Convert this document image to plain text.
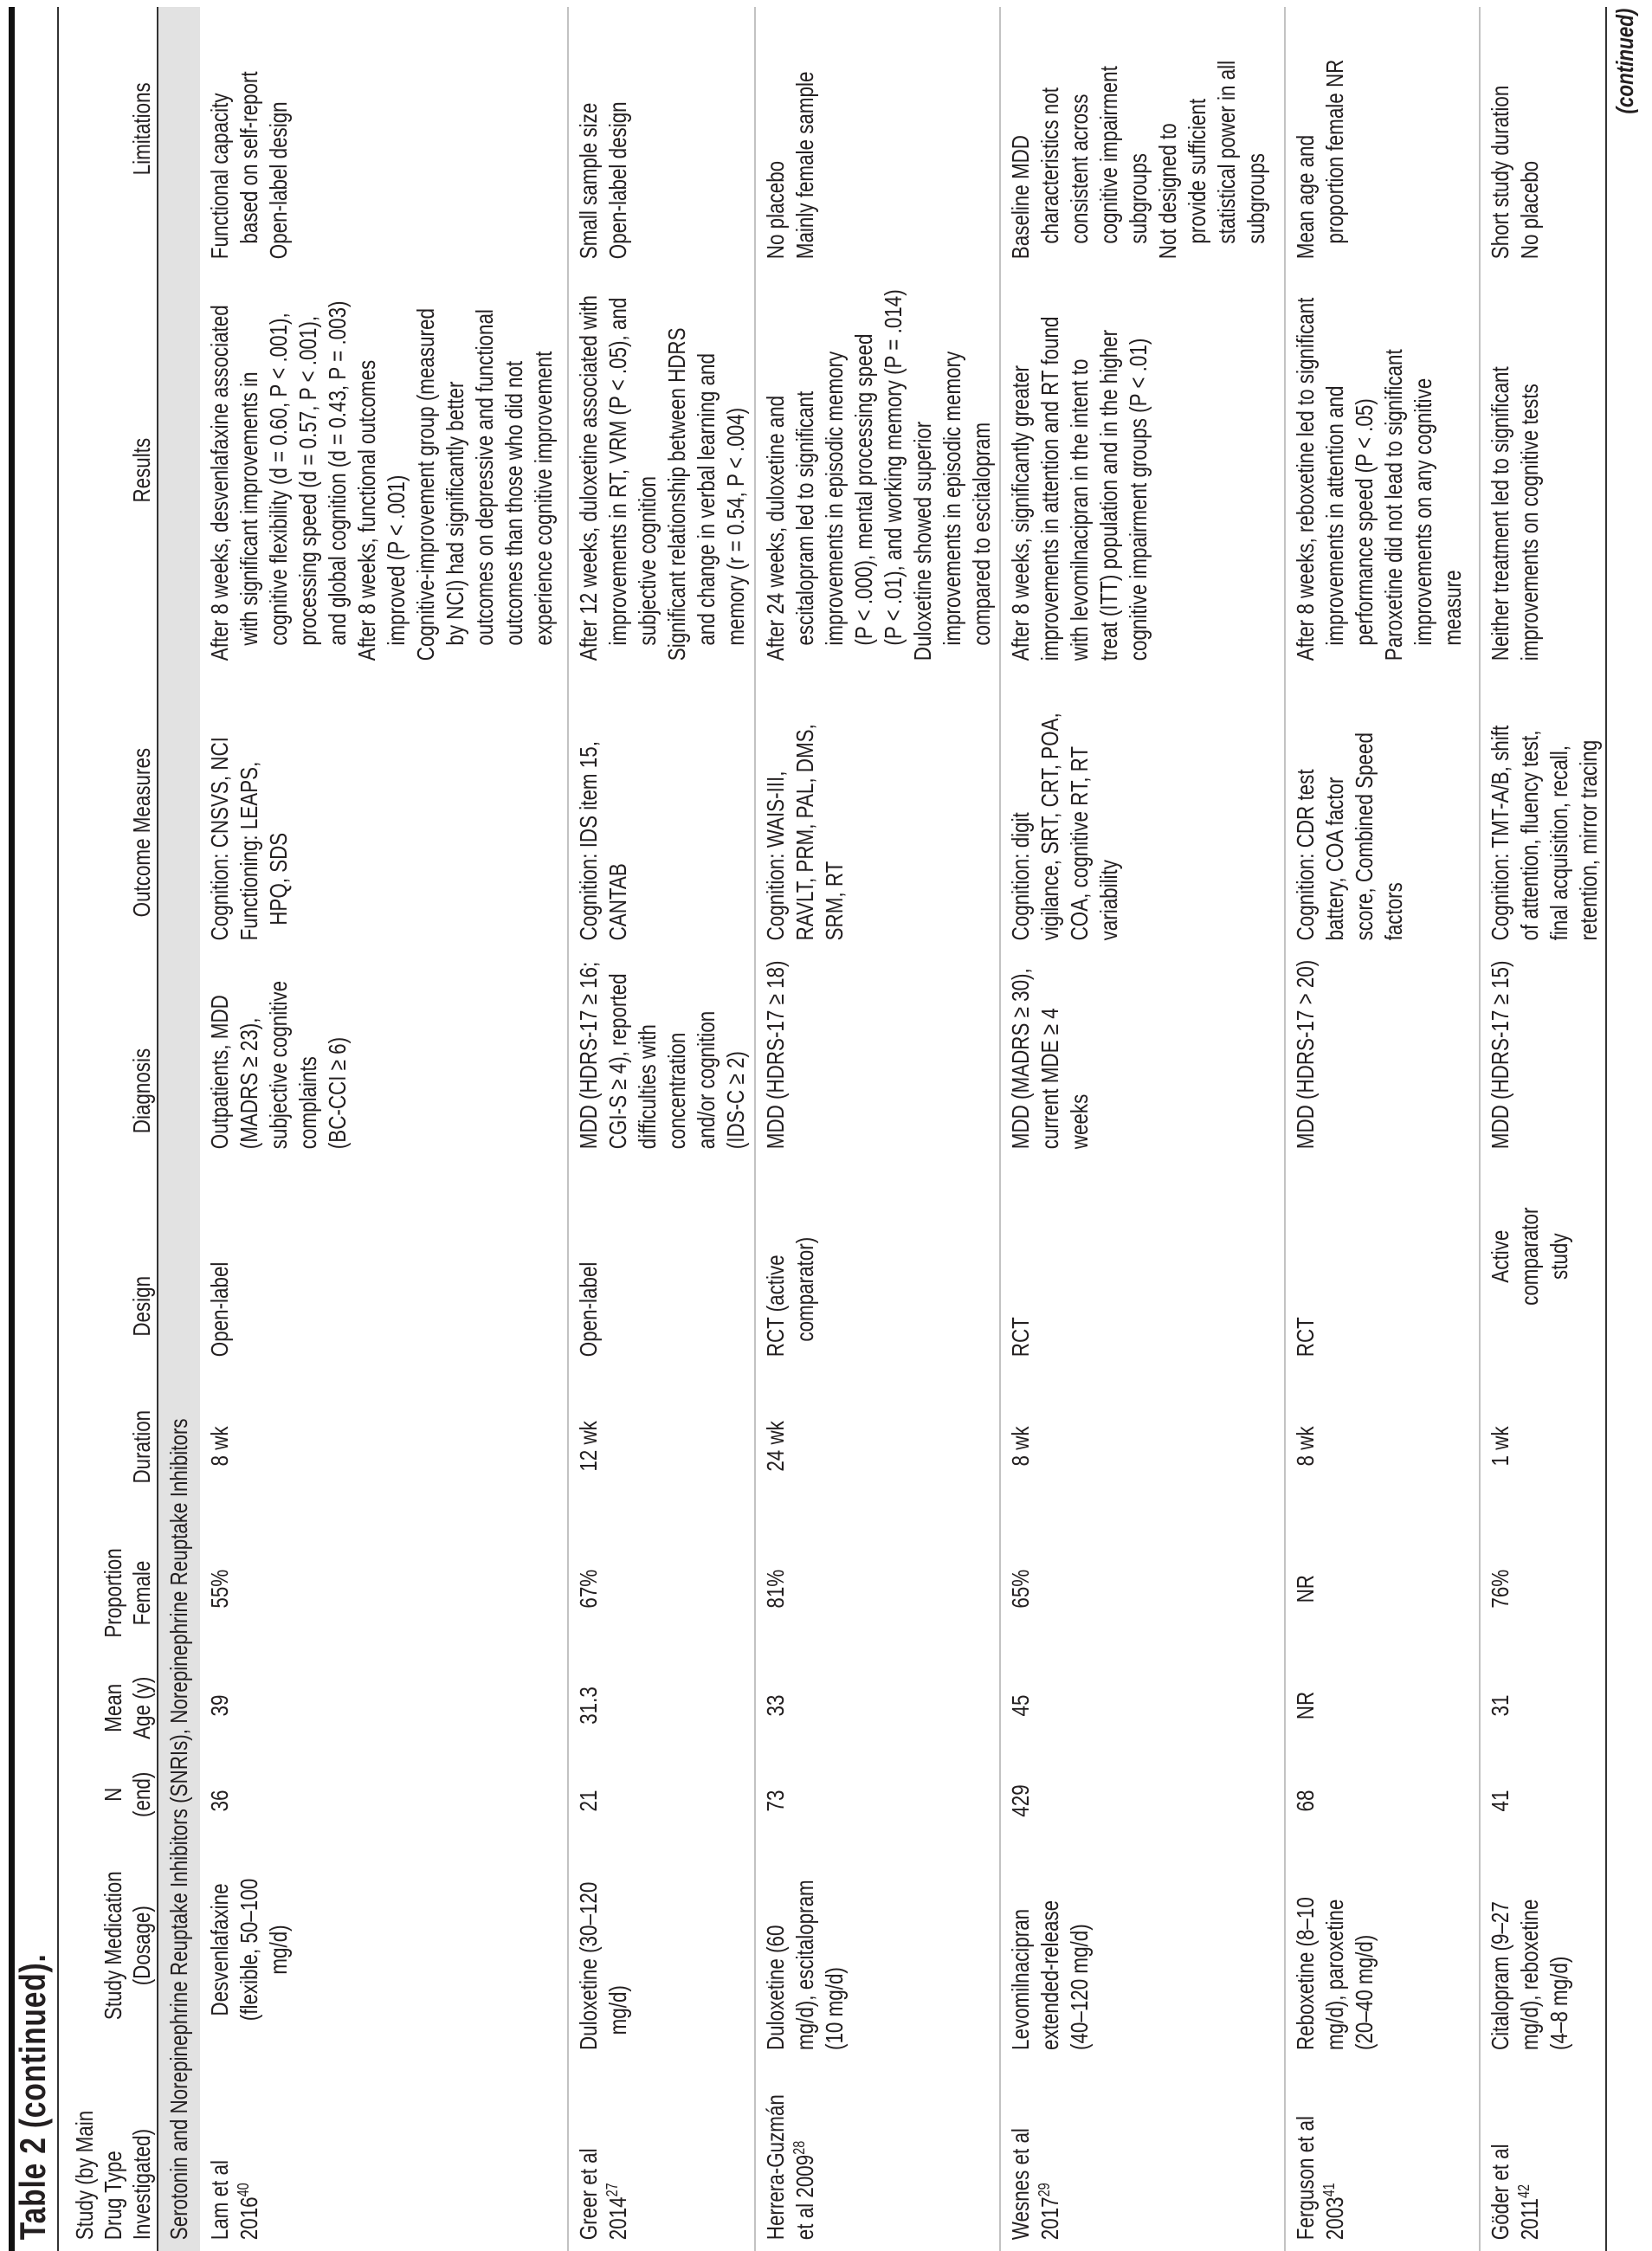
Table 2 (continued). Study (by Main
Drug Type
Investigated)
Study Medication
(Dosage)
N
(end)
Mean
Age (y)
Proportion
Female
Duration
Design
Diagnosis
Outcome Measures
Results
Limitations
Serotonin and Norepinephrine Reuptake Inhibitors (SNRIs), Norepinephrine Reuptake Inhibitors Lam et al 2016$^{40}$
36
39
55%
8 wk
Desvenlafaxine (flexible, 50–100 mg/d)
Open-label
Outpatients, MDD (MADRS ≥ 23), subjective cognitive complaints (BC-CCI ≥ 6)
Cognition: CNSVS, NCI Functioning: LEAPS,
HPQ, SDS
After 8 weeks, desvenlafaxine associated
with significant improvements in
cognitive flexibility (d = 0.60, P < .001),
processing speed (d = 0.57, P < .001),
and global cognition (d = 0.43, P = .003)
After 8 weeks, functional outcomes
improved (P < .001) Cognitive-improvement group (measured
by NCI) had significantly better
outcomes on depressive and functional
outcomes than those who did not
experience cognitive improvement
Functional capacity
based on self-report Open-label design
Greer et al 2014$^{27}$
21
31.3
67%
12 wk
Duloxetine (30–120
mg/d)
Open-label
MDD (HDRS-17 ≥ 16; CGI-S ≥ 4), reported difficulties with concentration and/or cognition (IDS-C ≥ 2)
Cognition: IDS item 15, CANTAB
After 12 weeks, duloxetine associated with
improvements in RT, VRM (P < .05), and
subjective cognition
Significant relationship between HDRS
and change in verbal learning and
memory (r = 0.54, P < .004)
Small sample size Open-label design
Herrera-Guzmán et al 2009$^{28}$
73
33
81%
24 wk
Duloxetine (60 mg/d), escitalopram (10 mg/d)
RCT (active
comparator)
MDD (HDRS-17 ≥ 18)
Cognition: WAIS-III, RAVLT, PRM, PAL, DMS, SRM, RT
After 24 weeks, duloxetine and
escitalopram led to significant
improvements in episodic memory
(P < .000), mental processing speed
(P < .01), and working memory (P = .014)
Duloxetine showed superior
improvements in episodic memory
compared to escitalopram
No placebo Mainly female sample
Wesnes et al 2017$^{29}$
429
45
65%
8 wk
Levomilnacipran extended-release (40–120 mg/d)
RCT
MDD (MADRS ≥ 30), current MDE ≥ 4 weeks
Cognition: digit vigilance, SRT, CRT, POA, COA, cognitive RT, RT variability
After 8 weeks, significantly greater improvements in attention and RT found with levomilnacipran in the intent to treat (ITT) population and in the higher cognitive impairment groups (P < .01)
Baseline MDD
characteristics not
consistent across
cognitive impairment
subgroups
Not designed to
provide sufficient
statistical power in all
subgroups
Ferguson et al 2003$^{41}$
68
NR
NR
8 wk
Reboxetine (8–10 mg/d), paroxetine (20–40 mg/d)
RCT
MDD (HDRS-17 > 20)
Cognition: CDR test battery, COA factor score, Combined Speed factors
After 8 weeks, reboxetine led to significant
improvements in attention and
performance speed (P < .05)
Paroxetine did not lead to significant
improvements on any cognitive
measure
Mean age and
proportion female NR
Göder et al 2011$^{42}$
41
31
76%
1 wk
Citalopram (9–27 mg/d), reboxetine (4–8 mg/d)
Active
comparator
study
MDD (HDRS-17 ≥ 15)
Cognition: TMT-A/B, shift of attention, fluency test, final acquisition, recall, retention, mirror tracing
Neither treatment led to significant improvements on cognitive tests
Short study duration No placebo
(continued)
